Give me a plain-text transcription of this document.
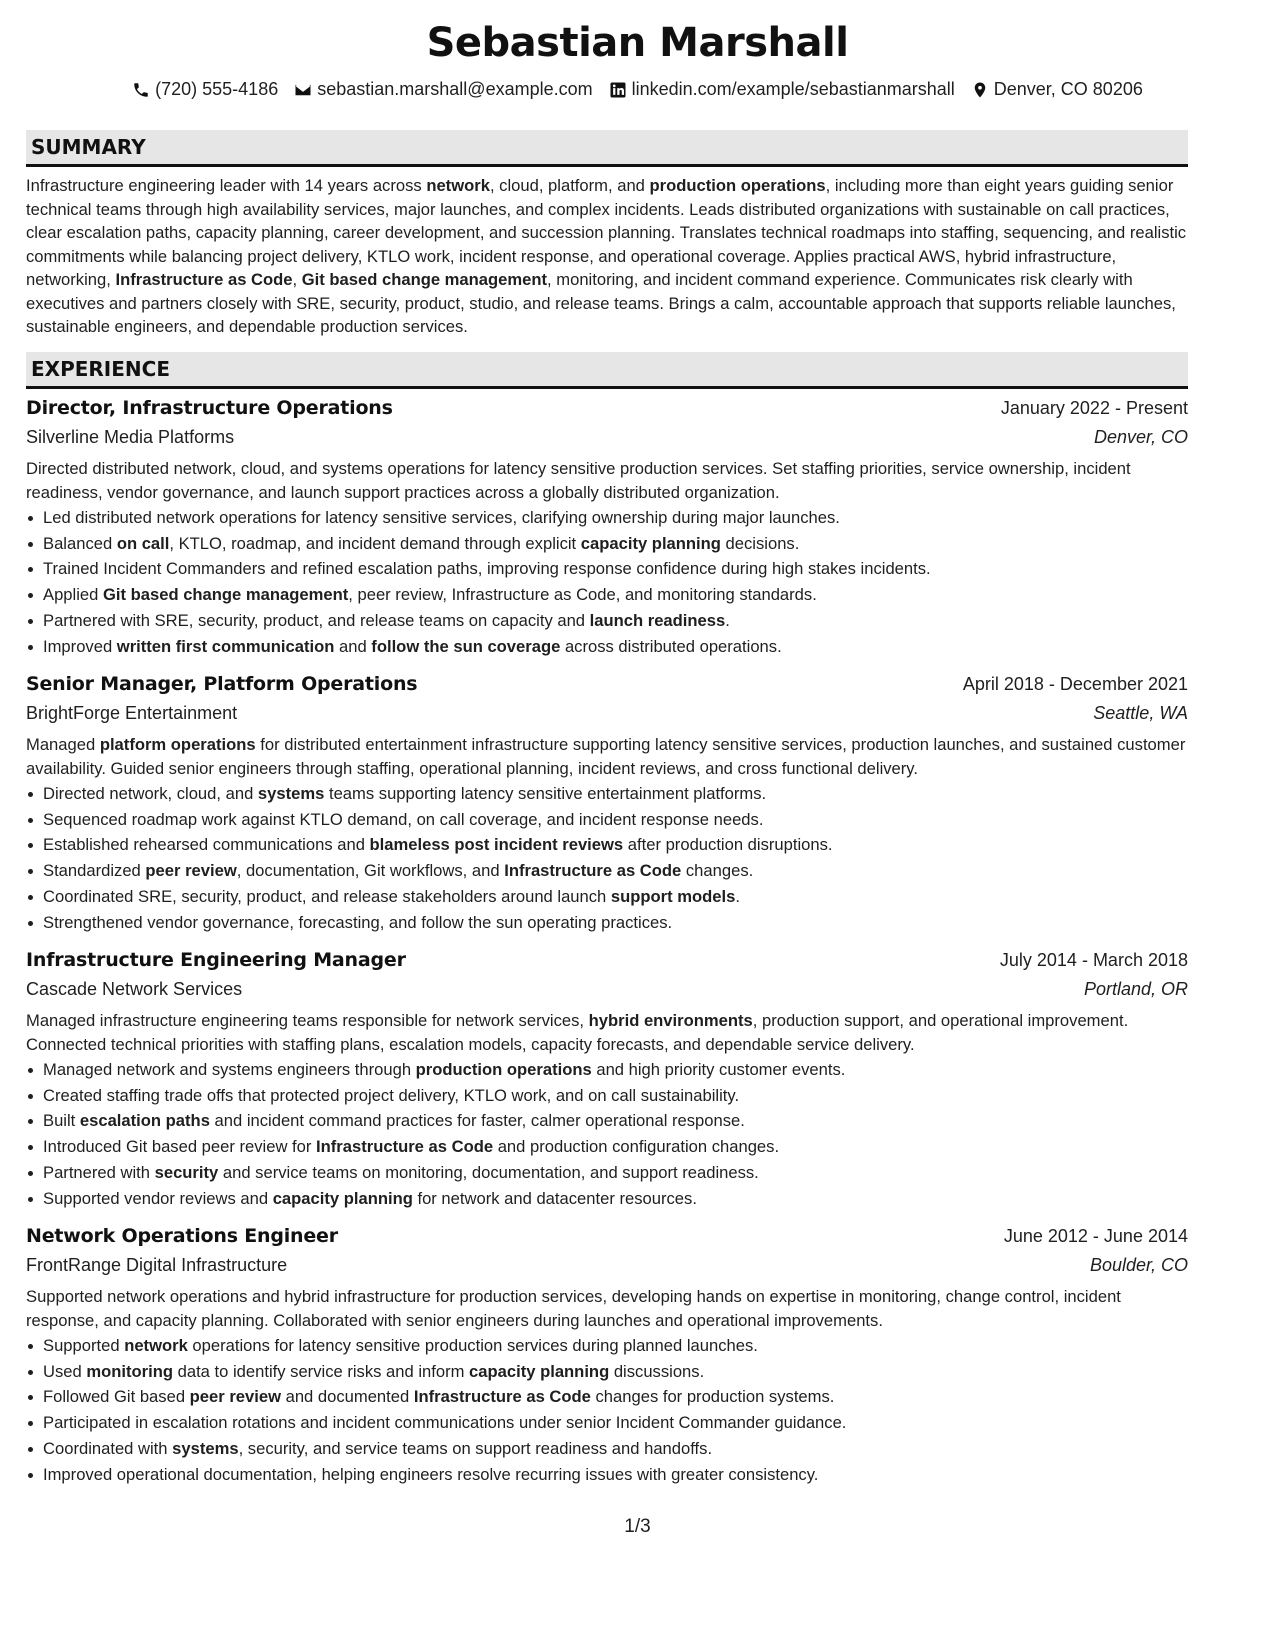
Sebastian Marshall
(720) 555-4186 sebastian.marshall@example.com linkedin.com/example/sebastianmarshall Denver, CO 80206
SUMMARY
Infrastructure engineering leader with 14 years across network, cloud, platform, and production operations, including more than eight years guiding senior technical teams through high availability services, major launches, and complex incidents. Leads distributed organizations with sustainable on call practices, clear escalation paths, capacity planning, career development, and succession planning. Translates technical roadmaps into staffing, sequencing, and realistic commitments while balancing project delivery, KTLO work, incident response, and operational coverage. Applies practical AWS, hybrid infrastructure, networking, Infrastructure as Code, Git based change management, monitoring, and incident command experience. Communicates risk clearly with executives and partners closely with SRE, security, product, studio, and release teams. Brings a calm, accountable approach that supports reliable launches, sustainable engineers, and dependable production services.
EXPERIENCE
Director, Infrastructure Operations	January 2022 - Present
Silverline Media Platforms	Denver, CO
Directed distributed network, cloud, and systems operations for latency sensitive production services. Set staffing priorities, service ownership, incident readiness, vendor governance, and launch support practices across a globally distributed organization.
Led distributed network operations for latency sensitive services, clarifying ownership during major launches.
Balanced on call, KTLO, roadmap, and incident demand through explicit capacity planning decisions.
Trained Incident Commanders and refined escalation paths, improving response confidence during high stakes incidents.
Applied Git based change management, peer review, Infrastructure as Code, and monitoring standards.
Partnered with SRE, security, product, and release teams on capacity and launch readiness.
Improved written first communication and follow the sun coverage across distributed operations.
Senior Manager, Platform Operations	April 2018 - December 2021
BrightForge Entertainment	Seattle, WA
Managed platform operations for distributed entertainment infrastructure supporting latency sensitive services, production launches, and sustained customer availability. Guided senior engineers through staffing, operational planning, incident reviews, and cross functional delivery.
Directed network, cloud, and systems teams supporting latency sensitive entertainment platforms.
Sequenced roadmap work against KTLO demand, on call coverage, and incident response needs.
Established rehearsed communications and blameless post incident reviews after production disruptions.
Standardized peer review, documentation, Git workflows, and Infrastructure as Code changes.
Coordinated SRE, security, product, and release stakeholders around launch support models.
Strengthened vendor governance, forecasting, and follow the sun operating practices.
Infrastructure Engineering Manager	July 2014 - March 2018
Cascade Network Services	Portland, OR
Managed infrastructure engineering teams responsible for network services, hybrid environments, production support, and operational improvement. Connected technical priorities with staffing plans, escalation models, capacity forecasts, and dependable service delivery.
Managed network and systems engineers through production operations and high priority customer events.
Created staffing trade offs that protected project delivery, KTLO work, and on call sustainability.
Built escalation paths and incident command practices for faster, calmer operational response.
Introduced Git based peer review for Infrastructure as Code and production configuration changes.
Partnered with security and service teams on monitoring, documentation, and support readiness.
Supported vendor reviews and capacity planning for network and datacenter resources.
Network Operations Engineer	June 2012 - June 2014
FrontRange Digital Infrastructure	Boulder, CO
Supported network operations and hybrid infrastructure for production services, developing hands on expertise in monitoring, change control, incident response, and capacity planning. Collaborated with senior engineers during launches and operational improvements.
Supported network operations for latency sensitive production services during planned launches.
Used monitoring data to identify service risks and inform capacity planning discussions.
Followed Git based peer review and documented Infrastructure as Code changes for production systems.
Participated in escalation rotations and incident communications under senior Incident Commander guidance.
Coordinated with systems, security, and service teams on support readiness and handoffs.
Improved operational documentation, helping engineers resolve recurring issues with greater consistency.
1/3
